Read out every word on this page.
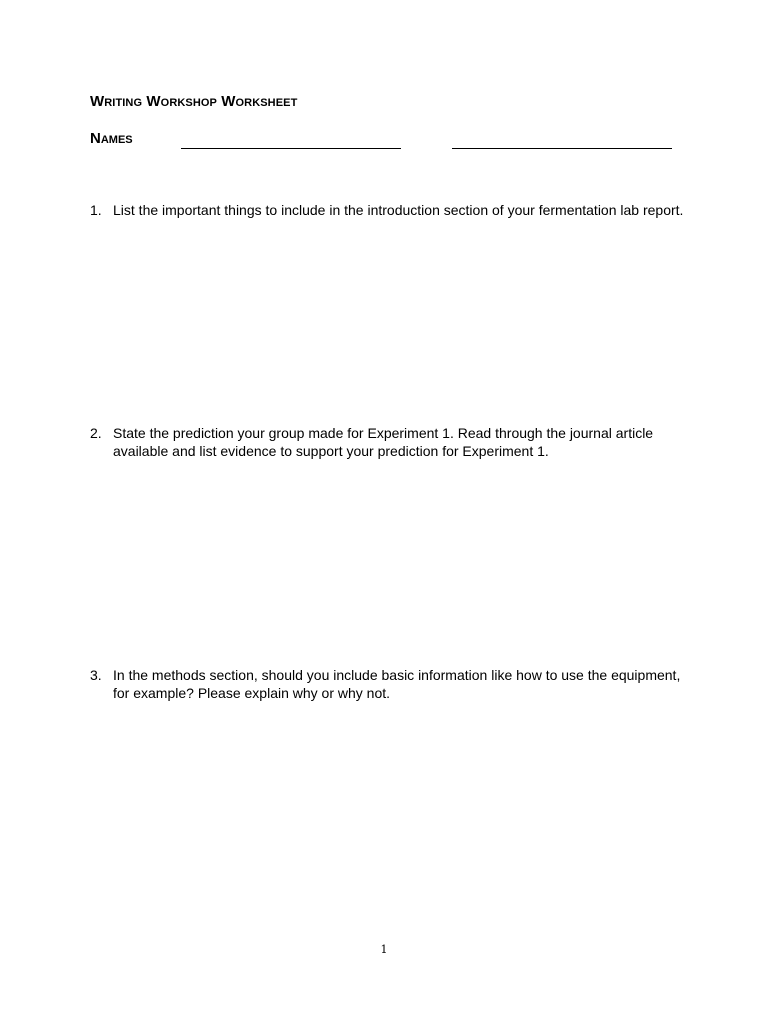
Writing Workshop Worksheet
Names
1. List the important things to include in the introduction section of your fermentation lab report.
2. State the prediction your group made for Experiment 1. Read through the journal article
available and list evidence to support your prediction for Experiment 1.
3. In the methods section, should you include basic information like how to use the equipment,
for example? Please explain why or why not.
1
